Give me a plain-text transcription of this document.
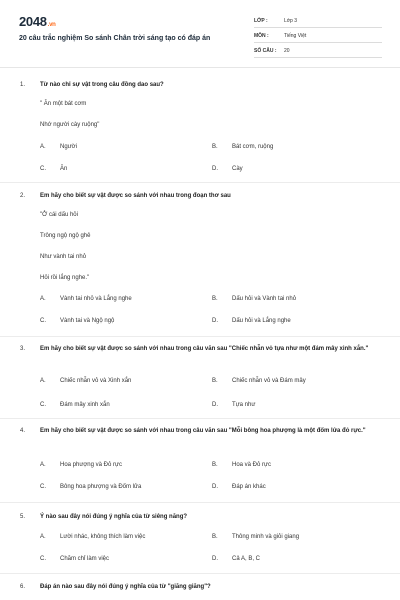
2048.vn
20 câu trắc nghiệm So sánh Chân trời sáng tạo có đáp án
LỚP :	Lớp 3
MÔN :	Tiếng Việt
SỐ CÂU : 20
1. Từ nào chỉ sự vật trong câu đồng dao sau?
" Ăn một bát cơm
Nhớ người cày ruộng"
A. Người	B. Bát cơm, ruộng
C. Ăn	D. Cày
2. Em hãy cho biết sự vật được so sánh với nhau trong đoạn thơ sau
"Ở cái dấu hỏi
Trông ngộ ngộ ghê
Như vành tai nhỏ
Hỏi rồi lắng nghe."
A. Vành tai nhỏ và Lắng nghe	B. Dấu hỏi và Vành tai nhỏ
C. Vành tai và Ngộ ngộ	D. Dấu hỏi và Lắng nghe
3. Em hãy cho biết sự vật được so sánh với nhau trong câu văn sau "Chiếc nhẫn vỏ tựa như một đám mây xinh xắn."
A. Chiếc nhẫn vỏ và Xinh xắn	B. Chiếc nhẫn vỏ và Đám mây
C. Đám mây xinh xắn	D. Tựa như
4. Em hãy cho biết sự vật được so sánh với nhau trong câu văn sau "Mỗi bông hoa phượng là một đốm lửa đỏ rực."
A. Hoa phượng và Đỏ rực	B. Hoa và Đỏ rực
C. Bông hoa phượng và Đốm lửa	D. Đáp án khác
5. Ý nào sau đây nói đúng ý nghĩa của từ siêng năng?
A. Lười nhác, không thích làm việc	B. Thông minh và giỏi giang
C. Chăm chỉ làm việc	D. Cả A, B, C
6. Đáp án nào sau đây nói đúng ý nghĩa của từ "giăng giăng"?
